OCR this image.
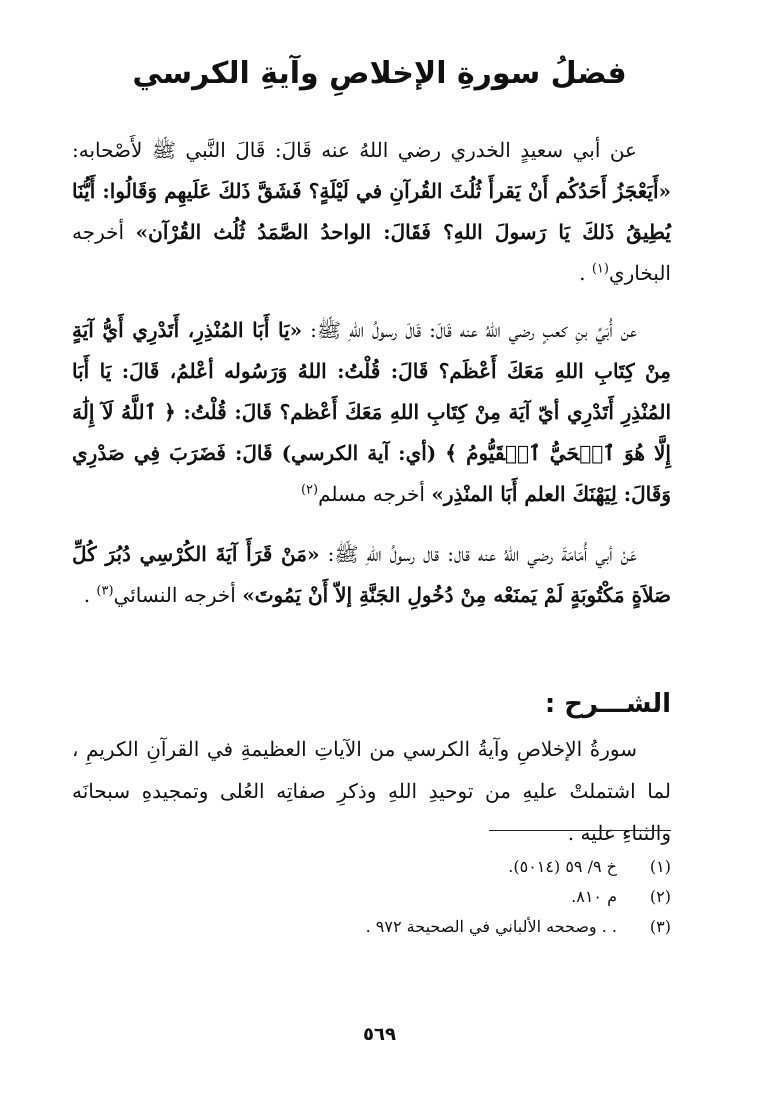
فضلُ سورةِ الإخلاصِ وآيةِ الكرسي

عن أبي سعيدٍ الخدري رضي اللهُ عنه قَالَ: قَالَ النَّبي ﷺ لأَصْحابه: «أَيَعْجَزُ أَحَدُكُم أَنْ يَقرأَ ثُلُثَ القُرآنِ في لَيْلَةٍ؟ فَشَقَّ ذَلكَ عَلَيهِم وَقَالُوا: أَيُّنَا يُطِيقُ ذَلكَ يَا رَسولَ اللهِ؟ فَقَالَ: الواحدُ الصَّمَدُ ثُلُث القُرْآن» أخرجه البخاري$^{(١)}$ .

عن أُبَيِّ بنِ كعبٍ رضي اللهُ عنه قَالَ: قَالَ رسولُ اللهِ ﷺ: «يَا أَبَا المُنْذِرِ، أَتَدْرِي أَيُّ آيَةٍ مِنْ كِتَابِ اللهِ مَعَكَ أَعْظَم؟ قَالَ: قُلْتُ: اللهُ وَرَسُوله أعْلمُ، قَالَ: يَا أَبَا المُنْذِرِ أَتَدْرِي أيّ آيَة مِنْ كِتَابِ اللهِ مَعَكَ أَعْظم؟ قَالَ: قُلْتُ: ﴿ ٱللَّهُ لَآ إِلَٰهَ إِلَّا هُوَ ٱلۡحَيُّ ٱلۡقَيُّومُ ﴾ (أي: آية الكرسي) قَالَ: فَضَرَبَ فِي صَدْرِي وَقَالَ: لِيَهْنَكَ العلم أَبَا المنْذِر» أخرجه مسلم$^{(٢)}$

عَنْ أبي أُمَامَةَ رضي اللهُ عنه قال: قال رسولُ اللهِ ﷺ: «مَنْ قَرَأَ آيَةَ الكُرْسِي دُبُرَ كُلِّ صَلاَةٍ مَكْتُوبَةٍ لَمْ يَمنَعْه مِنْ دُخُولِ الجَنَّةِ إلاّ أَنْ يَمُوتَ» أخرجه النسائي$^{(٣)}$ .

الشـــرح :

سورةُ الإخلاصِ وآيةُ الكرسي من الآياتِ العظيمةِ في القرآنِ الكريمِ ، لما اشتملتْ عليهِ من توحيدِ اللهِ وذكرِ صفاتِه العُلى وتمجيدهِ سبحانَه والثناءِ عليه .

(١)
خ ٩/ ٥٩ (٥٠١٤).
(٢)
م ٨١٠.
(٣)
. . وصححه الألباني في الصحيحة ٩٧٢ .
٥٦٩
